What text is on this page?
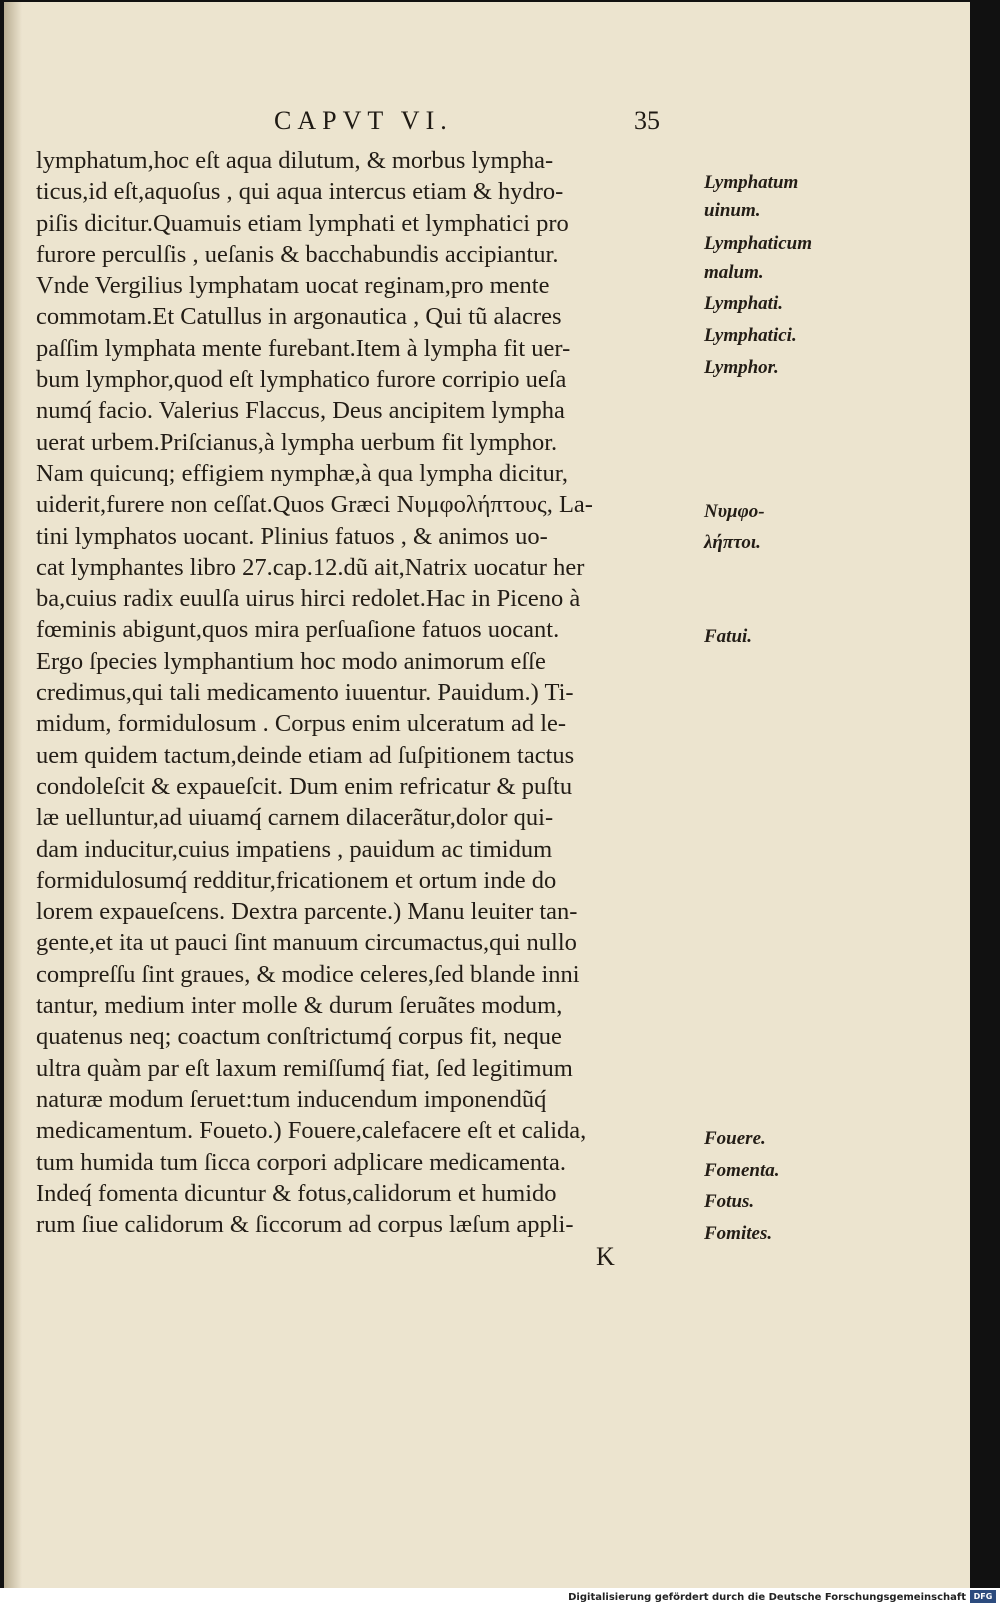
CAPVT VI.	35
lymphatum,hoc eſt aqua dilutum, & morbus lympha-
ticus,id eſt,aquoſus , qui aqua intercus etiam & hydro-
piſis dicitur.Quamuis etiam lymphati et lymphatici pro
furore perculſis , ueſanis & bacchabundis accipiantur.
Vnde Vergilius lymphatam uocat reginam,pro mente
commotam.Et Catullus in argonautica , Qui tũ alacres
paſſim lymphata mente furebant.Item à lympha fit uer-
bum lymphor,quod eſt lymphatico furore corripio ueſa
numq́ facio. Valerius Flaccus, Deus ancipitem lympha
uerat urbem.Priſcianus,à lympha uerbum fit lymphor.
Nam quicunq; effigiem nymphæ,à qua lympha dicitur,
uiderit,furere non ceſſat.Quos Græci Νυμφολήπτους, La-
tini lymphatos uocant. Plinius fatuos , & animos uo-
cat lymphantes libro 27.cap.12.dũ ait,Natrix uocatur her
ba,cuius radix euulſa uirus hirci redolet.Hac in Piceno à
fœminis abigunt,quos mira perſuaſione fatuos uocant.
Ergo ſpecies lymphantium hoc modo animorum eſſe
credimus,qui tali medicamento iuuentur. Pauidum.) Ti-
midum, formidulosum . Corpus enim ulceratum ad le-
uem quidem tactum,deinde etiam ad ſuſpitionem tactus
condoleſcit & expaueſcit. Dum enim refricatur & puſtu
læ uelluntur,ad uiuamq́ carnem dilacerãtur,dolor qui-
dam inducitur,cuius impatiens , pauidum ac timidum
formidulosumq́ redditur,fricationem et ortum inde do
lorem expaueſcens. Dextra parcente.) Manu leuiter tan-
gente,et ita ut pauci ſint manuum circumactus,qui nullo
compreſſu ſint graues, & modice celeres,ſed blande inni
tantur, medium inter molle & durum ſeruãtes modum,
quatenus neq; coactum conſtrictumq́ corpus fit, neque
ultra quàm par eſt laxum remiſſumq́ fiat, ſed legitimum
naturæ modum ſeruet:tum inducendum imponendũq́
medicamentum. Foueto.) Fouere,calefacere eſt et calida,
tum humida tum ſicca corpori adplicare medicamenta.
Indeq́ fomenta dicuntur & fotus,calidorum et humido
rum ſiue calidorum & ſiccorum ad corpus læſum appli-
Lymphatum
uinum.
Lymphaticum
malum.
Lymphati.
Lymphatici.
Lymphor.
Νυμφο-
λήπτοι.
Fatui.
Fouere.
Fomenta.
Fotus.
Fomites.
K
Digitalisierung gefördert durch die Deutsche Forschungsgemeinschaft DFG
